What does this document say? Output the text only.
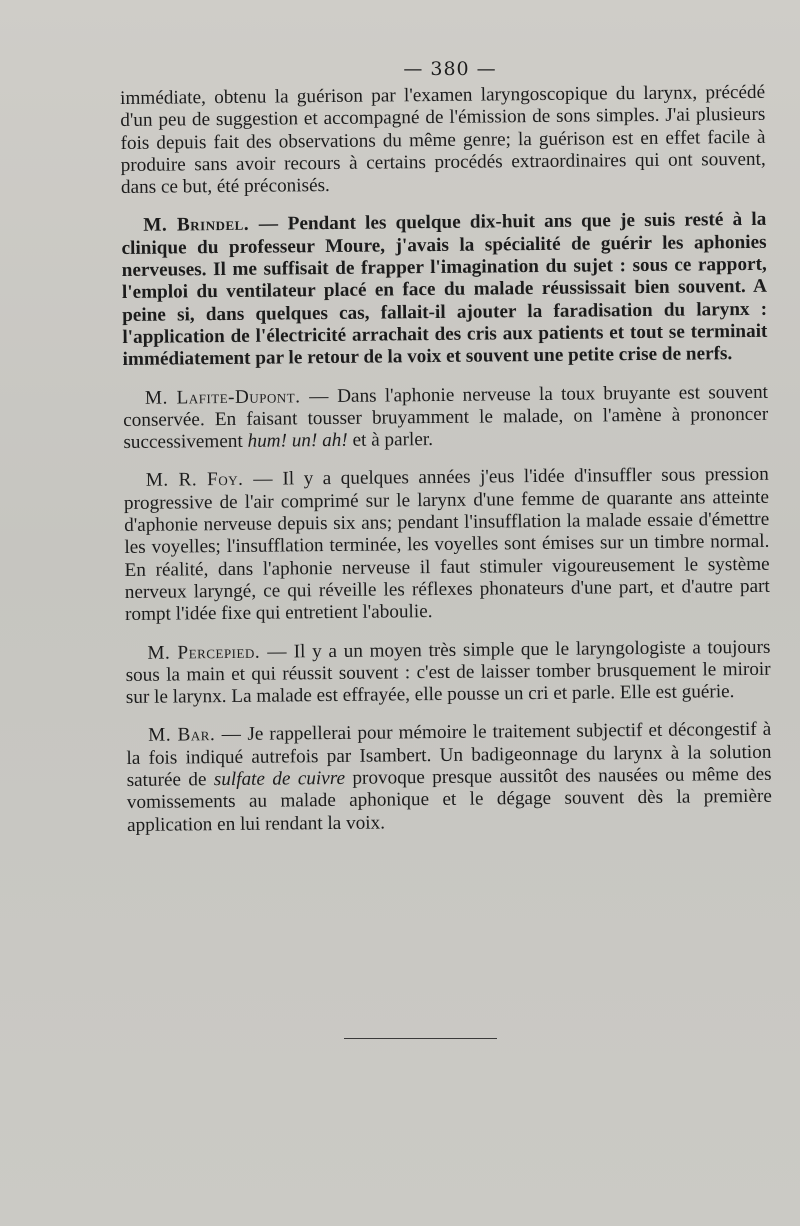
— 380 —

immédiate, obtenu la guérison par l'examen laryngoscopique du larynx, précédé d'un peu de suggestion et accompagné de l'émission de sons simples. J'ai plusieurs fois depuis fait des observations du même genre; la guérison est en effet facile à produire sans avoir recours à certains procédés extraordinaires qui ont souvent, dans ce but, été préconisés.

M. Brindel. — Pendant les quelque dix-huit ans que je suis resté à la clinique du professeur Moure, j'avais la spécialité de guérir les aphonies nerveuses. Il me suffisait de frapper l'imagination du sujet : sous ce rapport, l'emploi du ventilateur placé en face du malade réussissait bien souvent. A peine si, dans quelques cas, fallait-il ajouter la faradisation du larynx : l'application de l'électricité arrachait des cris aux patients et tout se terminait immédiatement par le retour de la voix et souvent une petite crise de nerfs.

M. Lafite-Dupont. — Dans l'aphonie nerveuse la toux bruyante est souvent conservée. En faisant tousser bruyamment le malade, on l'amène à prononcer successivement hum! un! ah! et à parler.

M. R. Foy. — Il y a quelques années j'eus l'idée d'insuffler sous pression progressive de l'air comprimé sur le larynx d'une femme de quarante ans atteinte d'aphonie nerveuse depuis six ans; pendant l'insufflation la malade essaie d'émettre les voyelles; l'insufflation terminée, les voyelles sont émises sur un timbre normal. En réalité, dans l'aphonie nerveuse il faut stimuler vigoureusement le système nerveux laryngé, ce qui réveille les réflexes phonateurs d'une part, et d'autre part rompt l'idée fixe qui entretient l'aboulie.

M. Percepied. — Il y a un moyen très simple que le laryngologiste a toujours sous la main et qui réussit souvent : c'est de laisser tomber brusquement le miroir sur le larynx. La malade est effrayée, elle pousse un cri et parle. Elle est guérie.

M. Bar. — Je rappellerai pour mémoire le traitement subjectif et décongestif à la fois indiqué autrefois par Isambert. Un badigeonnage du larynx à la solution saturée de sulfate de cuivre provoque presque aussitôt des nausées ou même des vomissements au malade aphonique et le dégage souvent dès la première application en lui rendant la voix.
